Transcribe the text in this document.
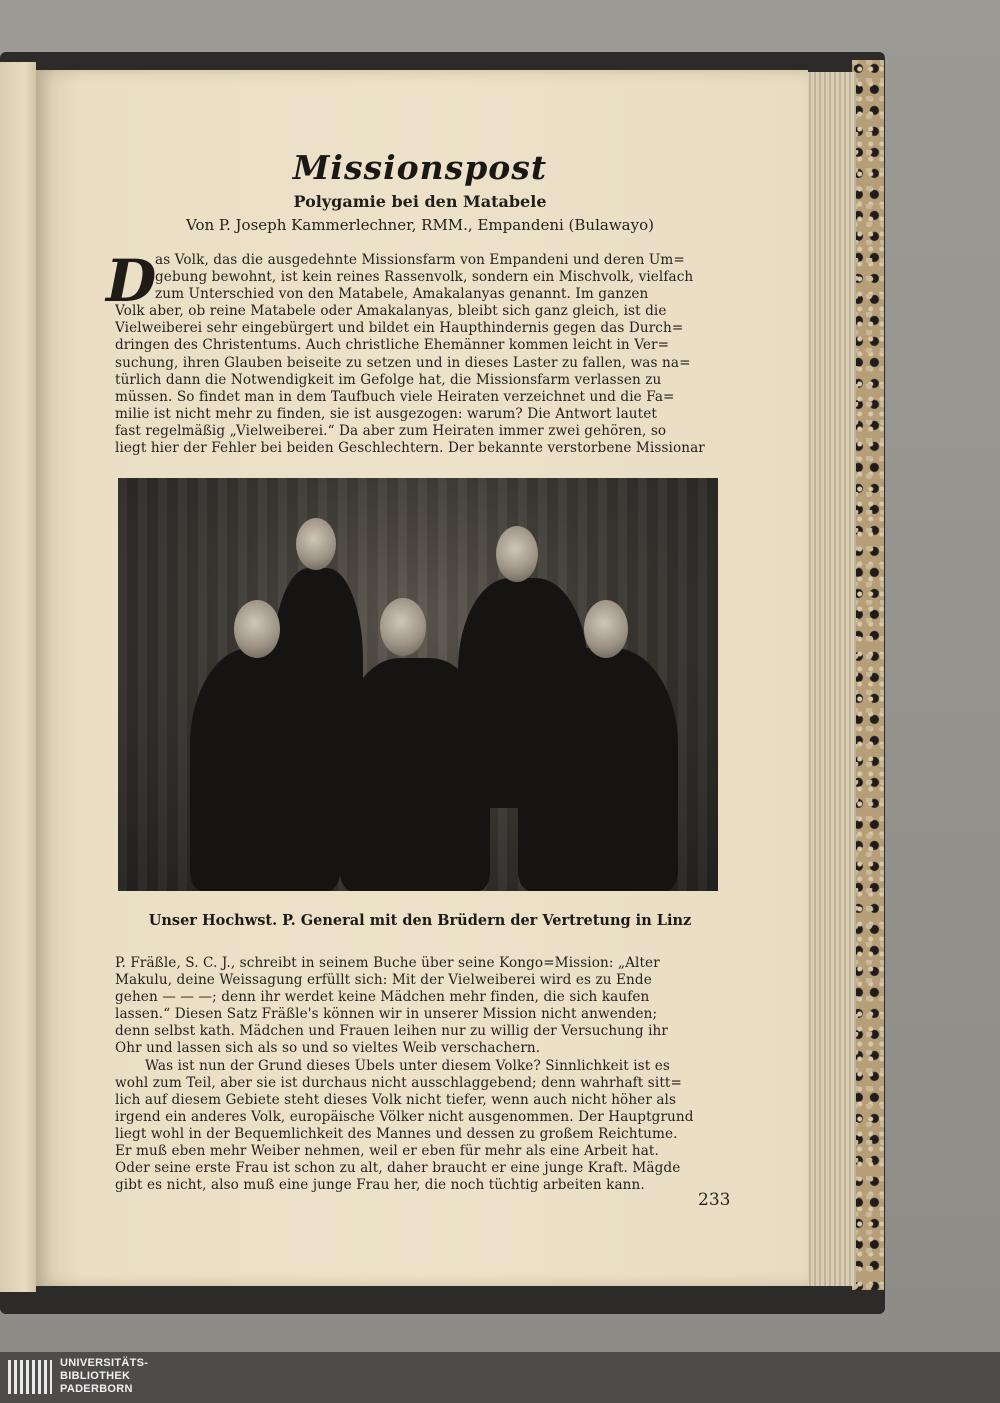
Missionspost
Polygamie bei den Matabele
Von P. Joseph Kammerlechner, RMM., Empandeni (Bulawayo)
D
as Volk, das die ausgedehnte Missionsfarm von Empandeni und deren Um=
gebung bewohnt, ist kein reines Rassenvolk, sondern ein Mischvolk, vielfach
zum Unterschied von den Matabele, Amakalanyas genannt. Im ganzen
Volk aber, ob reine Matabele oder Amakalanyas, bleibt sich ganz gleich, ist die
Vielweiberei sehr eingebürgert und bildet ein Haupthindernis gegen das Durch=
dringen des Christentums. Auch christliche Ehemänner kommen leicht in Ver=
suchung, ihren Glauben beiseite zu setzen und in dieses Laster zu fallen, was na=
türlich dann die Notwendigkeit im Gefolge hat, die Missionsfarm verlassen zu
müssen. So findet man in dem Taufbuch viele Heiraten verzeichnet und die Fa=
milie ist nicht mehr zu finden, sie ist ausgezogen: warum? Die Antwort lautet
fast regelmäßig „Vielweiberei.“ Da aber zum Heiraten immer zwei gehören, so
liegt hier der Fehler bei beiden Geschlechtern. Der bekannte verstorbene Missionar
Unser Hochwst. P. General mit den Brüdern der Vertretung in Linz
P. Fräßle, S. C. J., schreibt in seinem Buche über seine Kongo=Mission: „Alter
Makulu, deine Weissagung erfüllt sich: Mit der Vielweiberei wird es zu Ende
gehen — — —; denn ihr werdet keine Mädchen mehr finden, die sich kaufen
lassen.“ Diesen Satz Fräßle's können wir in unserer Mission nicht anwenden;
denn selbst kath. Mädchen und Frauen leihen nur zu willig der Versuchung ihr
Ohr und lassen sich als so und so vieltes Weib verschachern.
Was ist nun der Grund dieses Übels unter diesem Volke? Sinnlichkeit ist es
wohl zum Teil, aber sie ist durchaus nicht ausschlaggebend; denn wahrhaft sitt=
lich auf diesem Gebiete steht dieses Volk nicht tiefer, wenn auch nicht höher als
irgend ein anderes Volk, europäische Völker nicht ausgenommen. Der Hauptgrund
liegt wohl in der Bequemlichkeit des Mannes und dessen zu großem Reichtume.
Er muß eben mehr Weiber nehmen, weil er eben für mehr als eine Arbeit hat.
Oder seine erste Frau ist schon zu alt, daher braucht er eine junge Kraft. Mägde
gibt es nicht, also muß eine junge Frau her, die noch tüchtig arbeiten kann.
233
UNIVERSITÄTS-
BIBLIOTHEK
PADERBORN
